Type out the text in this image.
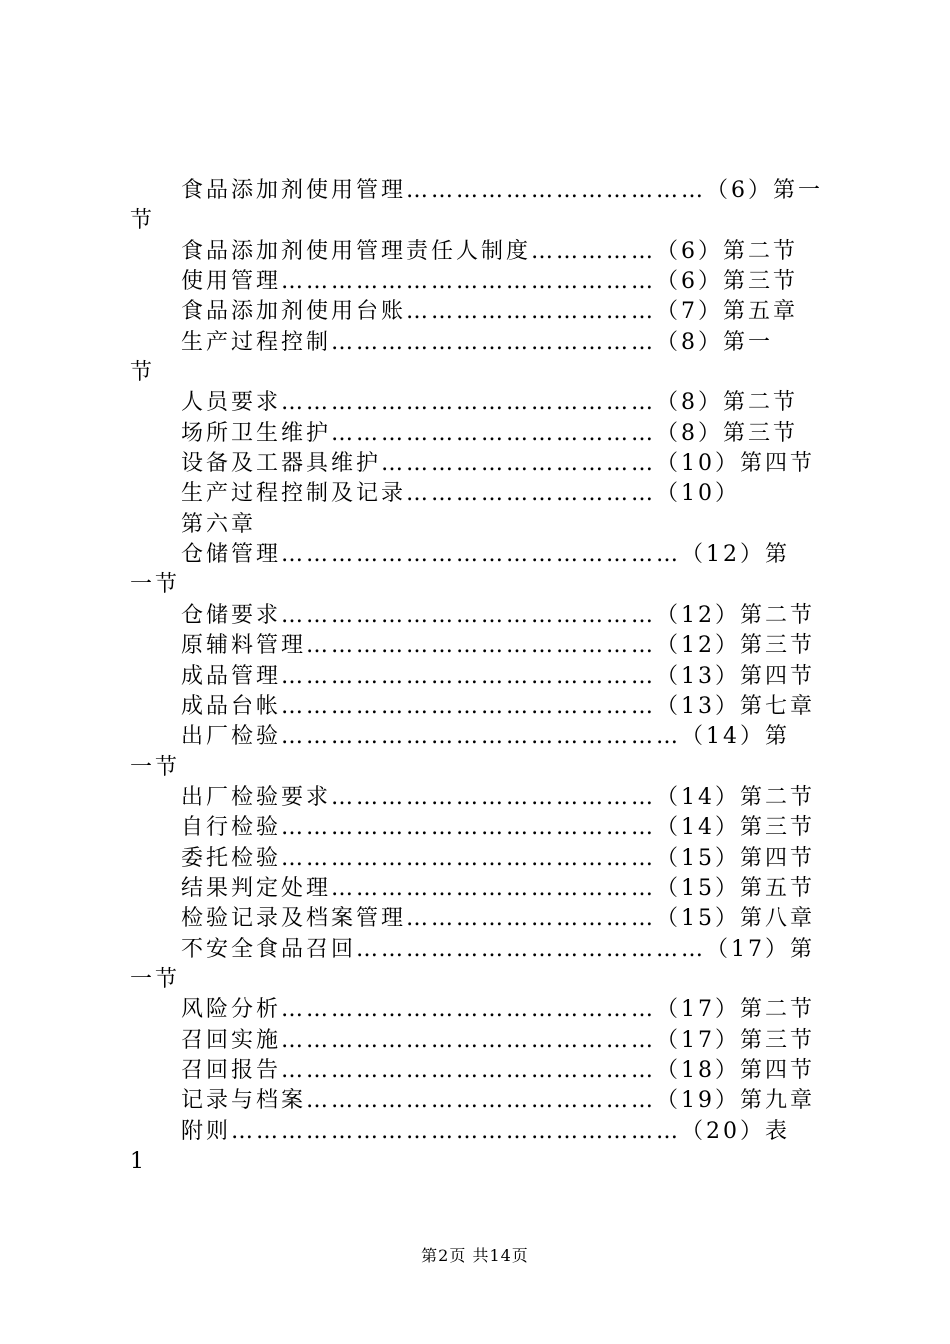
食品添加剂使用管理………………………………（6）第一
节
食品添加剂使用管理责任人制度……………（6）第二节
使用管理………………………………………（6）第三节
食品添加剂使用台账…………………………（7）第五章
生产过程控制…………………………………（8）第一
节
人员要求………………………………………（8）第二节
场所卫生维护…………………………………（8）第三节
设备及工器具维护……………………………（10）第四节
生产过程控制及记录…………………………（10）
第六章
仓储管理…………………………………………（12）第
一节
仓储要求………………………………………（12）第二节
原辅料管理……………………………………（12）第三节
成品管理………………………………………（13）第四节
成品台帐………………………………………（13）第七章
出厂检验…………………………………………（14）第
一节
出厂检验要求…………………………………（14）第二节
自行检验………………………………………（14）第三节
委托检验………………………………………（15）第四节
结果判定处理…………………………………（15）第五节
检验记录及档案管理…………………………（15）第八章
不安全食品召回……………………………………（17）第
一节
风险分析………………………………………（17）第二节
召回实施………………………………………（17）第三节
召回报告………………………………………（18）第四节
记录与档案……………………………………（19）第九章
附则………………………………………………（20）表
1
第2页 共14页
